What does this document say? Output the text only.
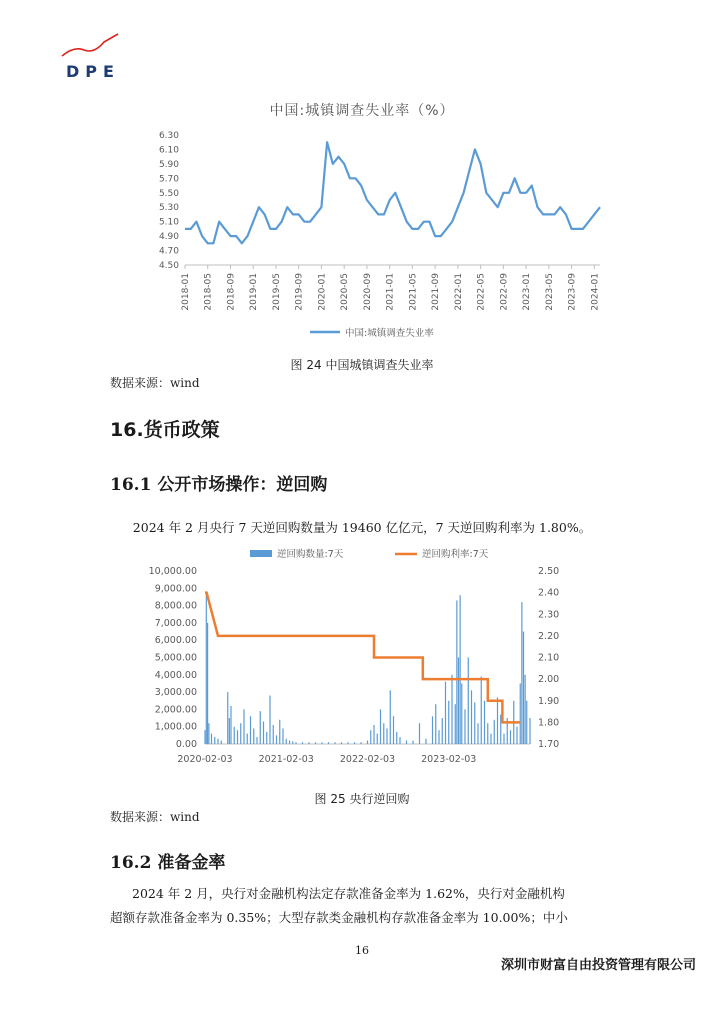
DPE
中国:城镇调查失业率（%）
4.50
4.70
4.90
5.10
5.30
5.50
5.70
5.90
6.10
6.30
2018-01 2018-05 2018-09 2019-01 2019-05 2019-09 2020-01 2020-05 2020-09 2021-01 2021-05 2021-09 2022-01 2022-05 2022-09 2023-01 2023-05 2023-09 2024-01
中国:城镇调查失业率
图 24 中国城镇调查失业率
数据来源：wind
16.货币政策
16.1 公开市场操作：逆回购
2024 年 2 月央行 7 天逆回购数量为 19460 亿亿元，7 天逆回购利率为 1.80%。
逆回购数量:7天	逆回购利率:7天
0.00
1,000.00
2,000.00
3,000.00
4,000.00
5,000.00
6,000.00
7,000.00
8,000.00
9,000.00
10,000.00
1.70
1.80
1.90
2.00
2.10
2.20
2.30
2.40
2.50
2020-02-03	2021-02-03	2022-02-03	2023-02-03
图 25 央行逆回购
数据来源：wind
16.2 准备金率
2024 年 2 月，央行对金融机构法定存款准备金率为 1.62%，央行对金融机构
超额存款准备金率为 0.35%；大型存款类金融机构存款准备金率为 10.00%；中小
16
深圳市财富自由投资管理有限公司
